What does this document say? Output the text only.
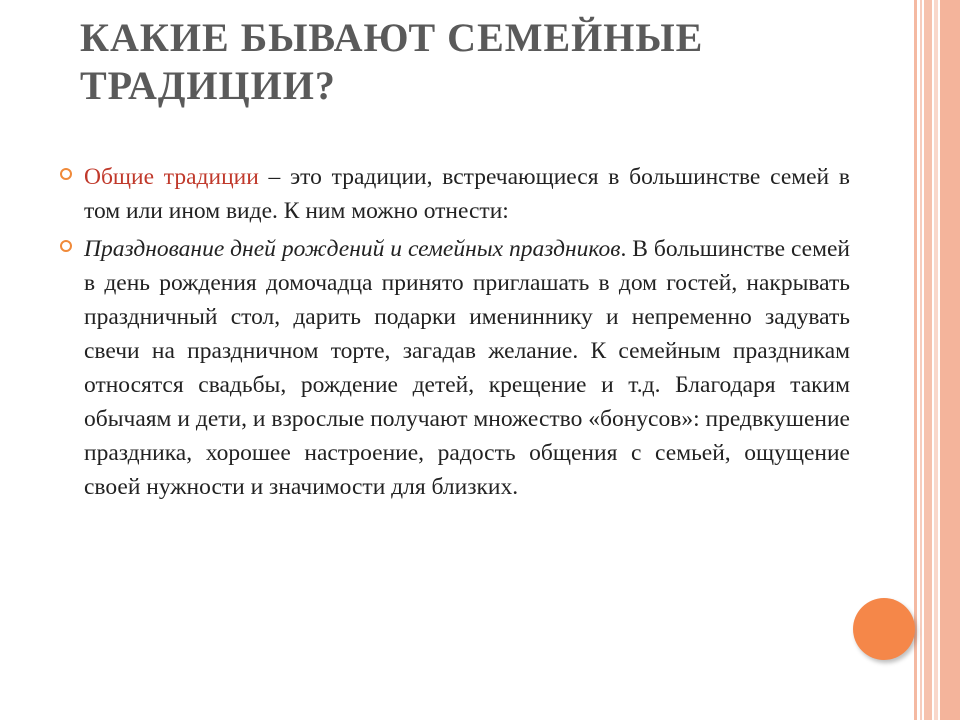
КАКИЕ БЫВАЮТ СЕМЕЙНЫЕ ТРАДИЦИИ?

Общие традиции – это традиции, встречающиеся в большинстве семей в том или ином виде. К ним можно отнести:

Празднование дней рождений и семейных праздников. В большинстве семей в день рождения домочадца принято приглашать в дом гостей, накрывать праздничный стол, дарить подарки имениннику и непременно задувать свечи на праздничном торте, загадав желание. К семейным праздникам относятся свадьбы, рождение детей, крещение и т.д. Благодаря таким обычаям и дети, и взрослые получают множество «бонусов»: предвкушение праздника, хорошее настроение, радость общения с семьей, ощущение своей нужности и значимости для близких.
